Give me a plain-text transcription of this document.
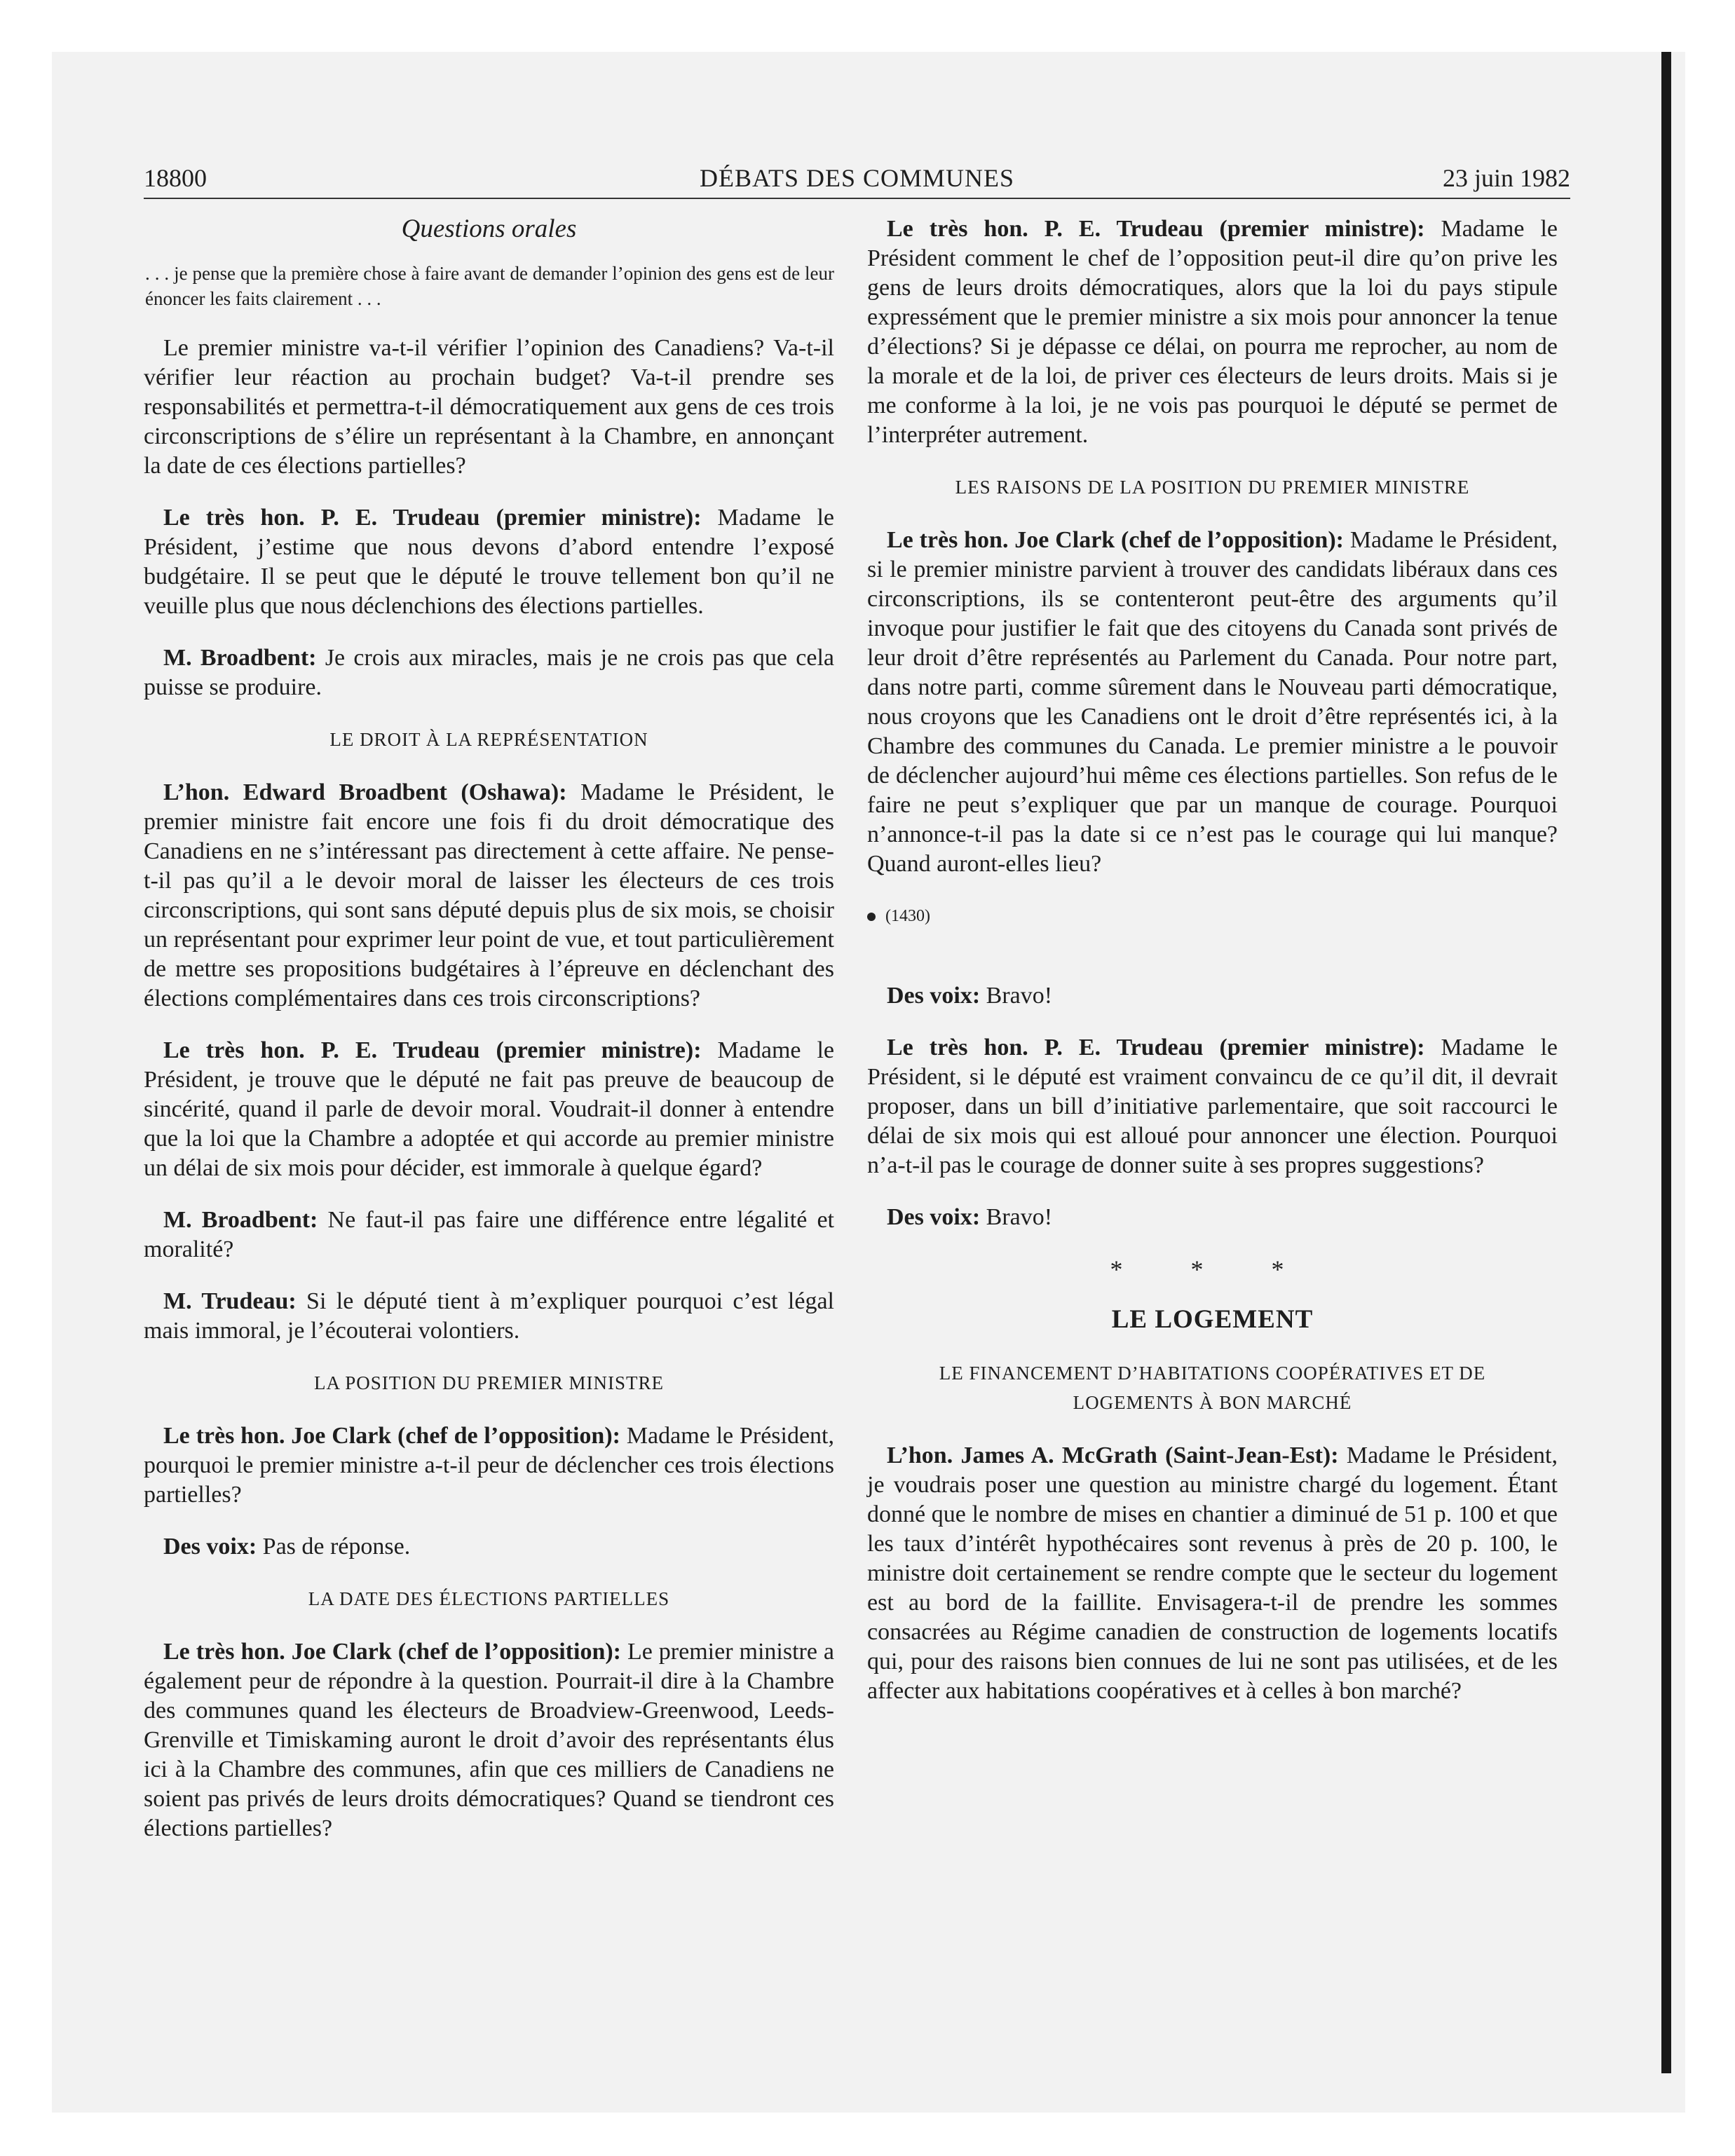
DÉBATS DES COMMUNES
18800	23 juin 1982
Questions orales
. . . je pense que la première chose à faire avant de demander l’opinion des gens est de leur énoncer les faits clairement . . .

Le premier ministre va-t-il vérifier l’opinion des Canadiens? Va-t-il vérifier leur réaction au prochain budget? Va-t-il prendre ses responsabilités et permettra-t-il démocratiquement aux gens de ces trois circonscriptions de s’élire un représentant à la Chambre, en annonçant la date de ces élections partielles?

Le très hon. P. E. Trudeau (premier ministre): Madame le Président, j’estime que nous devons d’abord entendre l’exposé budgétaire. Il se peut que le député le trouve tellement bon qu’il ne veuille plus que nous déclenchions des élections partielles.

M. Broadbent: Je crois aux miracles, mais je ne crois pas que cela puisse se produire.

LE DROIT À LA REPRÉSENTATION

L’hon. Edward Broadbent (Oshawa): Madame le Président, le premier ministre fait encore une fois fi du droit démocratique des Canadiens en ne s’intéressant pas directement à cette affaire. Ne pense-t-il pas qu’il a le devoir moral de laisser les électeurs de ces trois circonscriptions, qui sont sans député depuis plus de six mois, se choisir un représentant pour exprimer leur point de vue, et tout particulièrement de mettre ses propositions budgétaires à l’épreuve en déclenchant des élections complémentaires dans ces trois circonscriptions?

Le très hon. P. E. Trudeau (premier ministre): Madame le Président, je trouve que le député ne fait pas preuve de beaucoup de sincérité, quand il parle de devoir moral. Voudrait-il donner à entendre que la loi que la Chambre a adoptée et qui accorde au premier ministre un délai de six mois pour décider, est immorale à quelque égard?

M. Broadbent: Ne faut-il pas faire une différence entre légalité et moralité?

M. Trudeau: Si le député tient à m’expliquer pourquoi c’est légal mais immoral, je l’écouterai volontiers.

LA POSITION DU PREMIER MINISTRE

Le très hon. Joe Clark (chef de l’opposition): Madame le Président, pourquoi le premier ministre a-t-il peur de déclencher ces trois élections partielles?

Des voix: Pas de réponse.

LA DATE DES ÉLECTIONS PARTIELLES

Le très hon. Joe Clark (chef de l’opposition): Le premier ministre a également peur de répondre à la question. Pourrait-il dire à la Chambre des communes quand les électeurs de Broadview-Greenwood, Leeds-Grenville et Timiskaming auront le droit d’avoir des représentants élus ici à la Chambre des communes, afin que ces milliers de Canadiens ne soient pas privés de leurs droits démocratiques? Quand se tiendront ces élections partielles?

Le très hon. P. E. Trudeau (premier ministre): Madame le Président comment le chef de l’opposition peut-il dire qu’on prive les gens de leurs droits démocratiques, alors que la loi du pays stipule expressément que le premier ministre a six mois pour annoncer la tenue d’élections? Si je dépasse ce délai, on pourra me reprocher, au nom de la morale et de la loi, de priver ces électeurs de leurs droits. Mais si je me conforme à la loi, je ne vois pas pourquoi le député se permet de l’interpréter autrement.

LES RAISONS DE LA POSITION DU PREMIER MINISTRE

Le très hon. Joe Clark (chef de l’opposition): Madame le Président, si le premier ministre parvient à trouver des candidats libéraux dans ces circonscriptions, ils se contenteront peut-être des arguments qu’il invoque pour justifier le fait que des citoyens du Canada sont privés de leur droit d’être représentés au Parlement du Canada. Pour notre part, dans notre parti, comme sûrement dans le Nouveau parti démocratique, nous croyons que les Canadiens ont le droit d’être représentés ici, à la Chambre des communes du Canada. Le premier ministre a le pouvoir de déclencher aujourd’hui même ces élections partielles. Son refus de le faire ne peut s’expliquer que par un manque de courage. Pourquoi n’annonce-t-il pas la date si ce n’est pas le courage qui lui manque? Quand auront-elles lieu?

(1430)

Des voix: Bravo!

Le très hon. P. E. Trudeau (premier ministre): Madame le Président, si le député est vraiment convaincu de ce qu’il dit, il devrait proposer, dans un bill d’initiative parlementaire, que soit raccourci le délai de six mois qui est alloué pour annoncer une élection. Pourquoi n’a-t-il pas le courage de donner suite à ses propres suggestions?

Des voix: Bravo!

* * *
LE LOGEMENT
LE FINANCEMENT D’HABITATIONS COOPÉRATIVES ET DE LOGEMENTS À BON MARCHÉ

L’hon. James A. McGrath (Saint-Jean-Est): Madame le Président, je voudrais poser une question au ministre chargé du logement. Étant donné que le nombre de mises en chantier a diminué de 51 p. 100 et que les taux d’intérêt hypothécaires sont revenus à près de 20 p. 100, le ministre doit certainement se rendre compte que le secteur du logement est au bord de la faillite. Envisagera-t-il de prendre les sommes consacrées au Régime canadien de construction de logements locatifs qui, pour des raisons bien connues de lui ne sont pas utilisées, et de les affecter aux habitations coopératives et à celles à bon marché?
